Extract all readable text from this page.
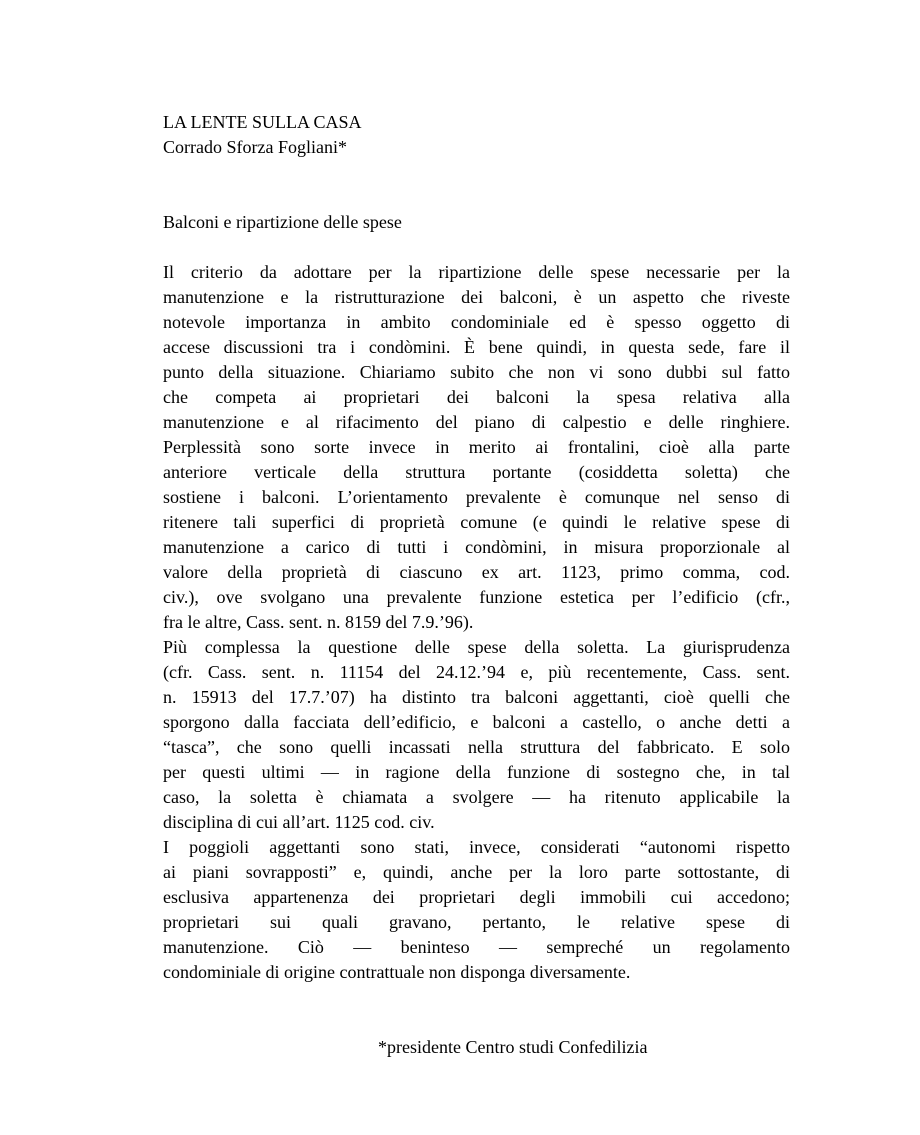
LA LENTE SULLA CASA
Corrado Sforza Fogliani*
Balconi e ripartizione delle spese
Il criterio da adottare per la ripartizione delle spese necessarie per la
manutenzione e la ristrutturazione dei balconi, è un aspetto che riveste
notevole importanza in ambito condominiale ed è spesso oggetto di
accese discussioni tra i condòmini. È bene quindi, in questa sede, fare il
punto della situazione. Chiariamo subito che non vi sono dubbi sul fatto
che competa ai proprietari dei balconi la spesa relativa alla
manutenzione e al rifacimento del piano di calpestio e delle ringhiere.
Perplessità sono sorte invece in merito ai frontalini, cioè alla parte
anteriore verticale della struttura portante (cosiddetta soletta) che
sostiene i balconi. L’orientamento prevalente è comunque nel senso di
ritenere tali superfici di proprietà comune (e quindi le relative spese di
manutenzione a carico di tutti i condòmini, in misura proporzionale al
valore della proprietà di ciascuno ex art. 1123, primo comma, cod.
civ.), ove svolgano una prevalente funzione estetica per l’edificio (cfr.,
fra le altre, Cass. sent. n. 8159 del 7.9.’96).
Più complessa la questione delle spese della soletta. La giurisprudenza
(cfr. Cass. sent. n. 11154 del 24.12.’94 e, più recentemente, Cass. sent.
n. 15913 del 17.7.’07) ha distinto tra balconi aggettanti, cioè quelli che
sporgono dalla facciata dell’edificio, e balconi a castello, o anche detti a
“tasca”, che sono quelli incassati nella struttura del fabbricato. E solo
per questi ultimi — in ragione della funzione di sostegno che, in tal
caso, la soletta è chiamata a svolgere — ha ritenuto applicabile la
disciplina di cui all’art. 1125 cod. civ.
I poggioli aggettanti sono stati, invece, considerati “autonomi rispetto
ai piani sovrapposti” e, quindi, anche per la loro parte sottostante, di
esclusiva appartenenza dei proprietari degli immobili cui accedono;
proprietari sui quali gravano, pertanto, le relative spese di
manutenzione. Ciò — beninteso — sempreché un regolamento
condominiale di origine contrattuale non disponga diversamente.
*presidente Centro studi Confedilizia
